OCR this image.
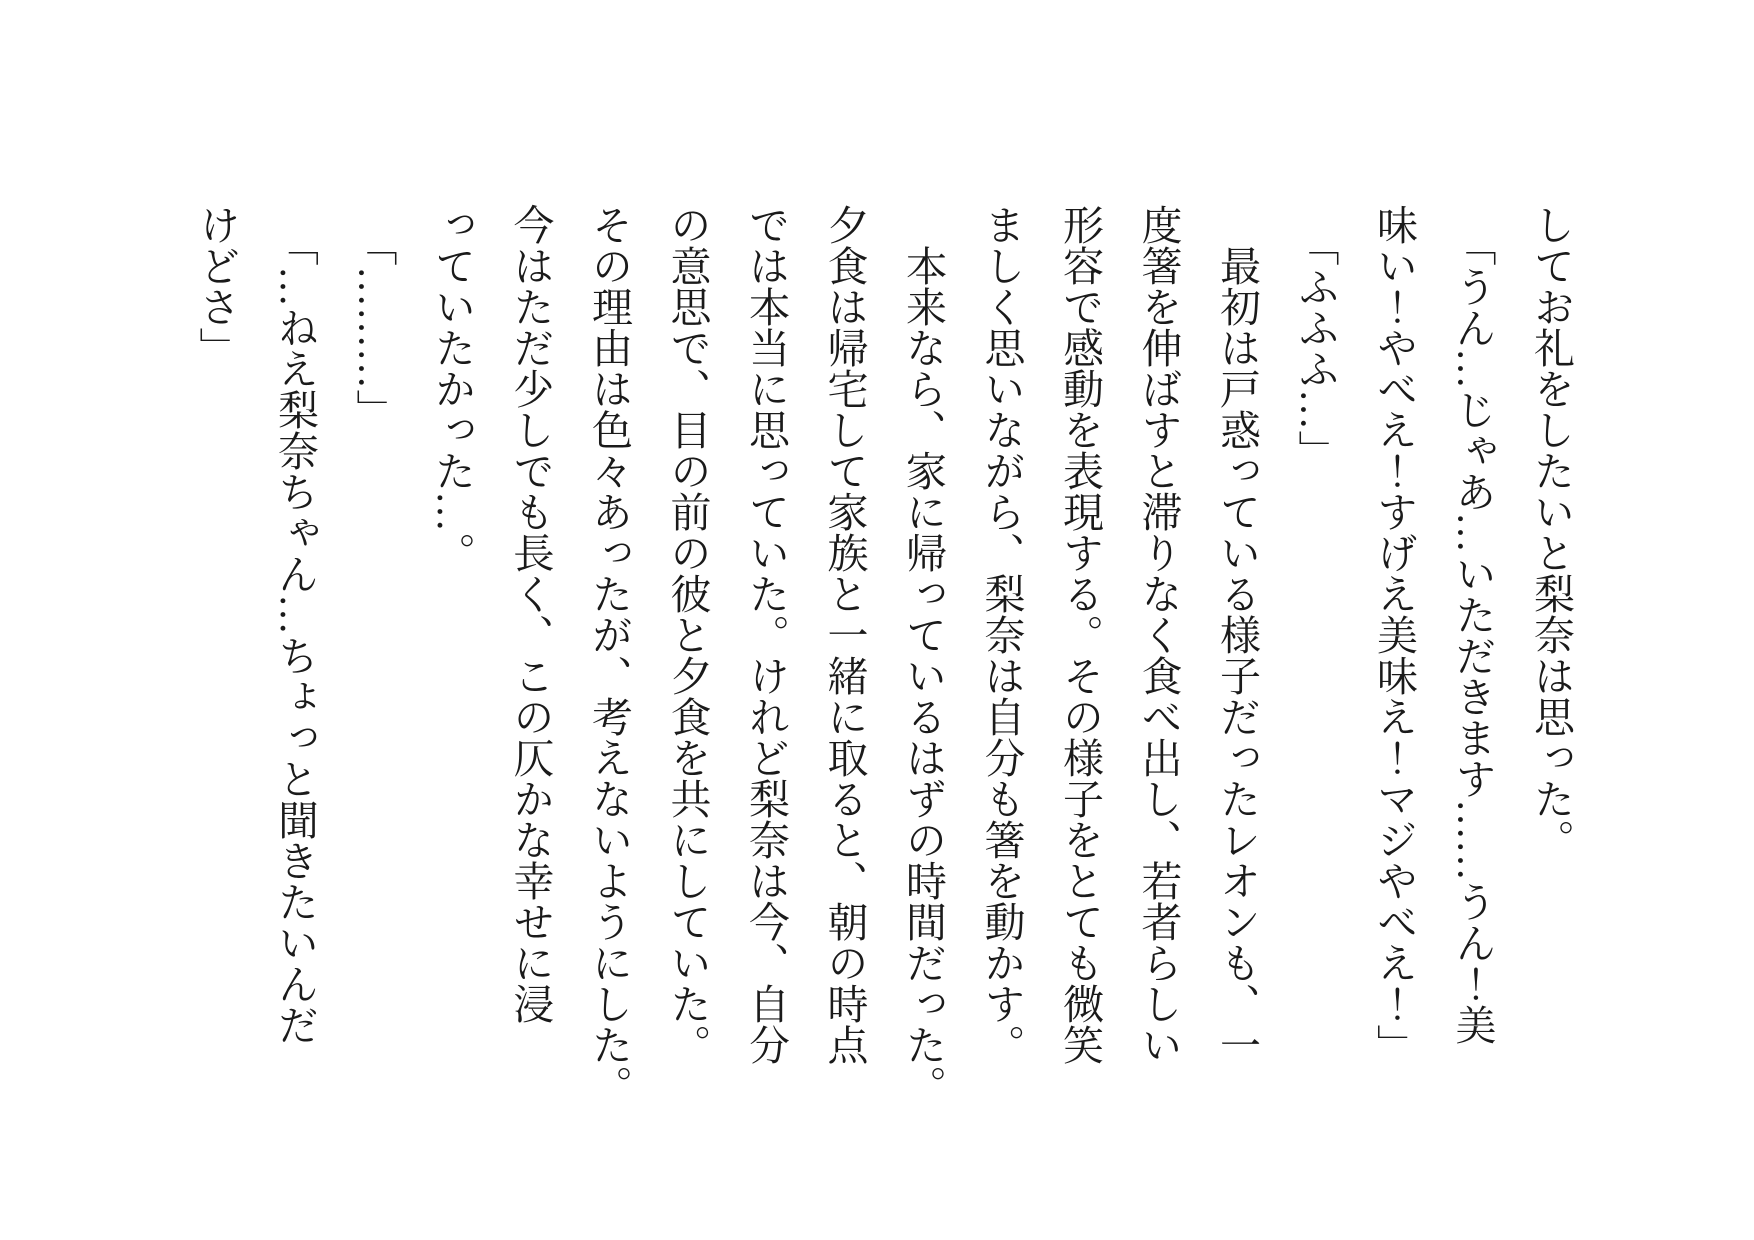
してお礼をしたいと梨奈は思った。
「うん…じゃあ…いただきます……うん！美
味い！やべえ！すげえ美味え！マジやべえ！」
「ふふふ…」
最初は戸惑っている様子だったレオンも、一
度箸を伸ばすと滞りなく食べ出し、若者らしい
形容で感動を表現する。その様子をとても微笑
ましく思いながら、梨奈は自分も箸を動かす。
本来なら、家に帰っているはずの時間だった。
夕食は帰宅して家族と一緒に取ると、朝の時点
では本当に思っていた。けれど梨奈は今、自分
の意思で、目の前の彼と夕食を共にしていた。
その理由は色々あったが、考えないようにした。
今はただ少しでも長く、この仄かな幸せに浸
っていたかった…。
「………」
「…ねえ梨奈ちゃん…ちょっと聞きたいんだ
けどさ」
